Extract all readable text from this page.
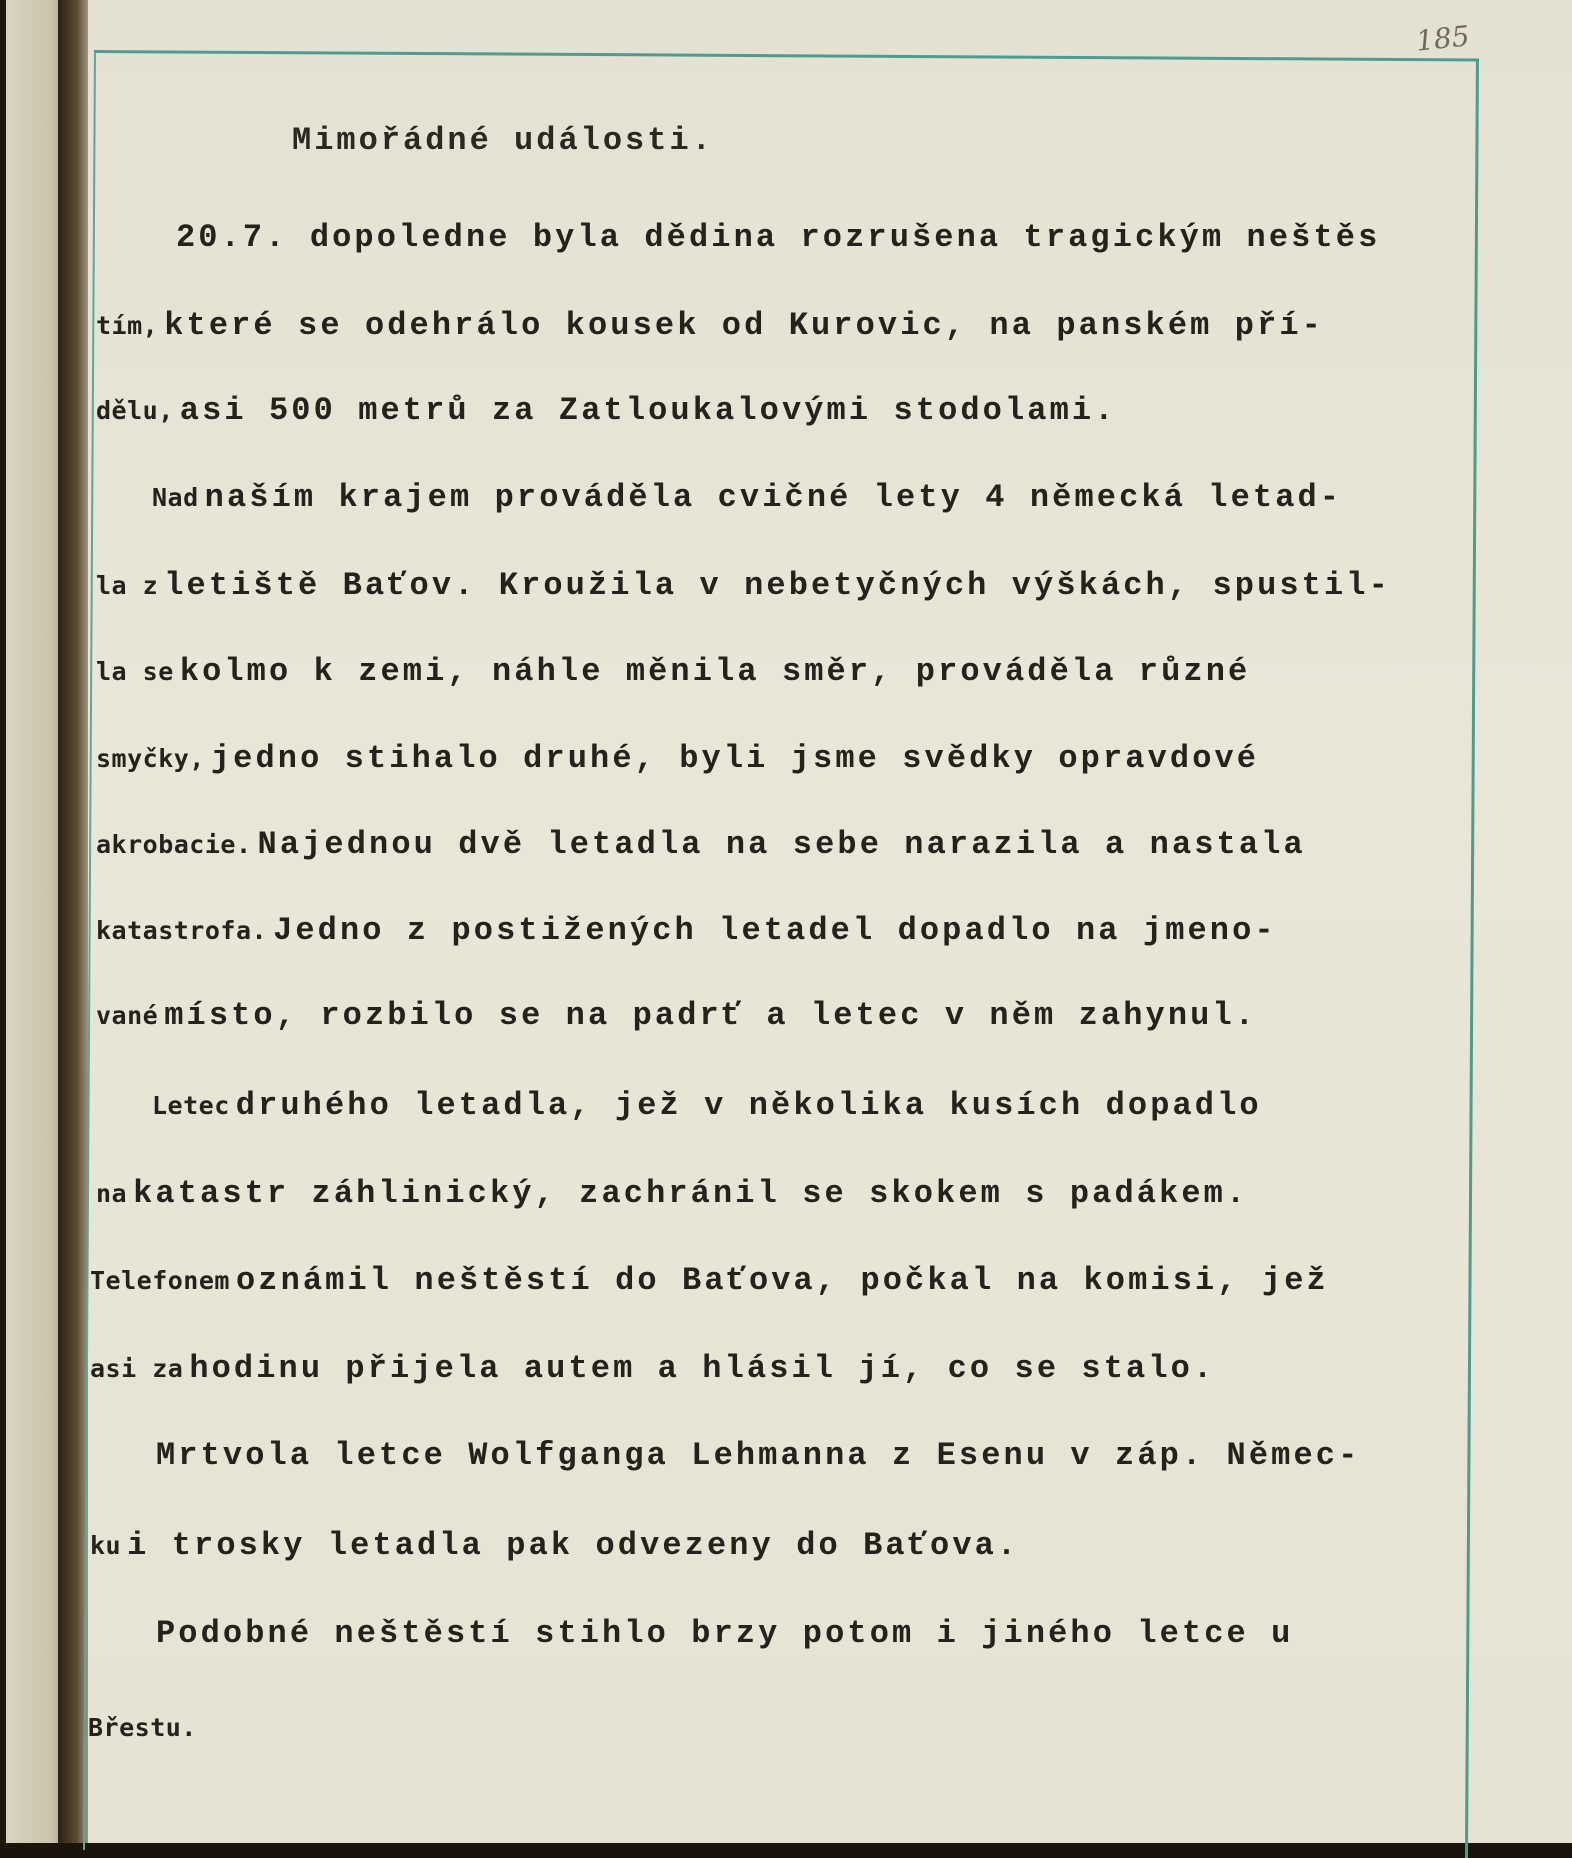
185
Mimořádné události.
20.7. dopoledne byla dědina rozrušena tragickým neštěs
tím, které se odehrálo kousek od Kurovic, na panském pří-
dělu, asi 500 metrů za Zatloukalovými stodolami.
Nad naším krajem prováděla cvičné lety 4 německá letad-
la z letiště Baťov. Kroužila v nebetyčných výškách, spustil-
la se kolmo k zemi, náhle měnila směr, prováděla různé
smyčky, jedno stihalo druhé, byli jsme svědky opravdové
akrobacie. Najednou dvě letadla na sebe narazila a nastala
katastrofa. Jedno z postižených letadel dopadlo na jmeno-
vané místo, rozbilo se na padrť a letec v něm zahynul.
Letec druhého letadla, jež v několika kusích dopadlo
na katastr záhlinický, zachránil se skokem s padákem.
Telefonem oznámil neštěstí do Baťova, počkal na komisi, jež
asi za hodinu přijela autem a hlásil jí, co se stalo.
Mrtvola letce Wolfganga Lehmanna z Esenu v záp. Němec-
ku i trosky letadla pak odvezeny do Baťova.
Podobné neštěstí stihlo brzy potom i jiného letce u
Břestu.
